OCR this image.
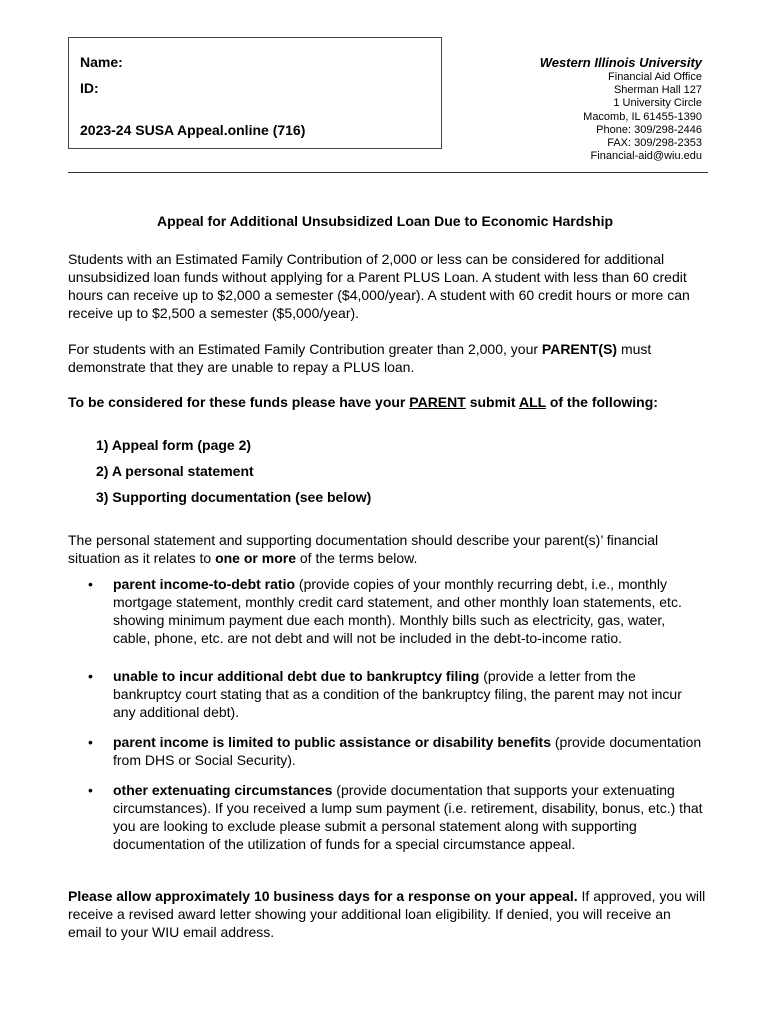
Name:
ID:
2023-24 SUSA Appeal.online (716)
Western Illinois University
Financial Aid Office
Sherman Hall 127
1 University Circle
Macomb, IL 61455-1390
Phone: 309/298-2446
FAX: 309/298-2353
Financial-aid@wiu.edu
Appeal for Additional Unsubsidized Loan Due to Economic Hardship
Students with an Estimated Family Contribution of 2,000 or less can be considered for additional unsubsidized loan funds without applying for a Parent PLUS Loan. A student with less than 60 credit hours can receive up to $2,000 a semester ($4,000/year). A student with 60 credit hours or more can receive up to $2,500 a semester ($5,000/year).
For students with an Estimated Family Contribution greater than 2,000, your PARENT(S) must demonstrate that they are unable to repay a PLUS loan.
To be considered for these funds please have your PARENT submit ALL of the following:
1) Appeal form (page 2)
2) A personal statement
3) Supporting documentation (see below)
The personal statement and supporting documentation should describe your parent(s)’ financial situation as it relates to one or more of the terms below.
• parent income-to-debt ratio (provide copies of your monthly recurring debt, i.e., monthly mortgage statement, monthly credit card statement, and other monthly loan statements, etc. showing minimum payment due each month). Monthly bills such as electricity, gas, water, cable, phone, etc. are not debt and will not be included in the debt-to-income ratio.
• unable to incur additional debt due to bankruptcy filing (provide a letter from the bankruptcy court stating that as a condition of the bankruptcy filing, the parent may not incur any additional debt).
• parent income is limited to public assistance or disability benefits (provide documentation from DHS or Social Security).
• other extenuating circumstances (provide documentation that supports your extenuating circumstances). If you received a lump sum payment (i.e. retirement, disability, bonus, etc.) that you are looking to exclude please submit a personal statement along with supporting documentation of the utilization of funds for a special circumstance appeal.
Please allow approximately 10 business days for a response on your appeal. If approved, you will receive a revised award letter showing your additional loan eligibility. If denied, you will receive an email to your WIU email address.
